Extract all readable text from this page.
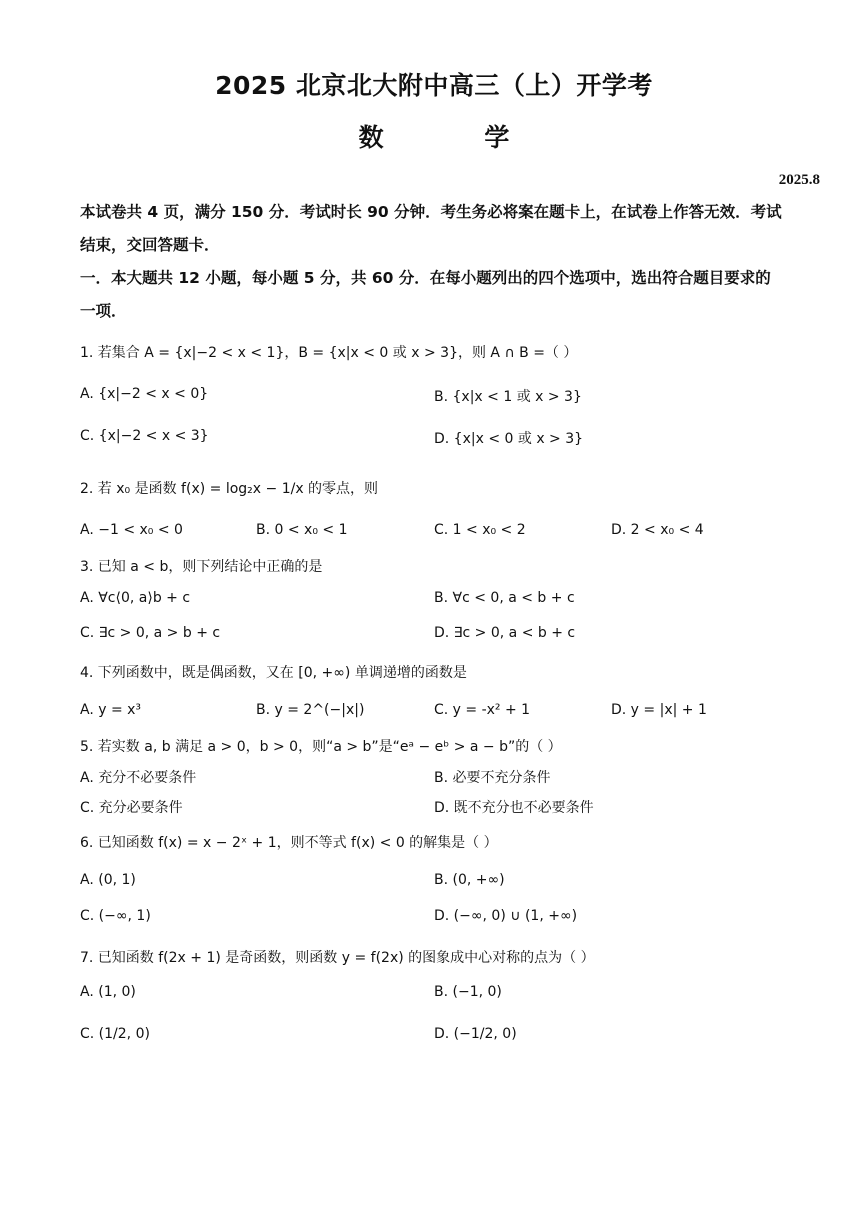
2025 北京北大附中高三（上）开学考
数 学
2025.8
本试卷共 4 页，满分 150 分．考试时长 90 分钟．考生务必将案在题卡上，在试卷上作答无效．考试结束，交回答题卡．
一．本大题共 12 小题，每小题 5 分，共 60 分．在每小题列出的四个选项中，选出符合题目要求的一项．
1. 若集合 A = {x|−2 < x < 1}，B = {x|x < 0 或 x > 3}，则 A ∩ B =（ ）
A. {x|−2 < x < 0}	B. {x|x < 1 或 x > 3}
C. {x|−2 < x < 3}	D. {x|x < 0 或 x > 3}
2. 若 x₀ 是函数 f(x) = log₂x − 1/x 的零点，则
A. −1 < x₀ < 0	B. 0 < x₀ < 1	C. 1 < x₀ < 2	D. 2 < x₀ < 4
3. 已知 a < b，则下列结论中正确的是
A. ∀c⟨0, a⟩b + c	B. ∀c < 0, a < b + c
C. ∃c > 0, a > b + c	D. ∃c > 0, a < b + c
4. 下列函数中，既是偶函数，又在 [0, +∞) 单调递增的函数是
A. y = x³	B. y = 2^(−|x|)	C. y = -x² + 1	D. y = |x| + 1
5. 若实数 a, b 满足 a > 0，b > 0，则“a > b”是“eᵃ − eᵇ > a − b”的（ ）
A. 充分不必要条件	B. 必要不充分条件
C. 充分必要条件	D. 既不充分也不必要条件
6. 已知函数 f(x) = x − 2ˣ + 1，则不等式 f(x) < 0 的解集是（ ）
A. (0, 1)	B. (0, +∞)
C. (−∞, 1)	D. (−∞, 0) ∪ (1, +∞)
7. 已知函数 f(2x + 1) 是奇函数，则函数 y = f(2x) 的图象成中心对称的点为（ ）
A. (1, 0)	B. (−1, 0)
C. (1/2, 0)	D. (−1/2, 0)
